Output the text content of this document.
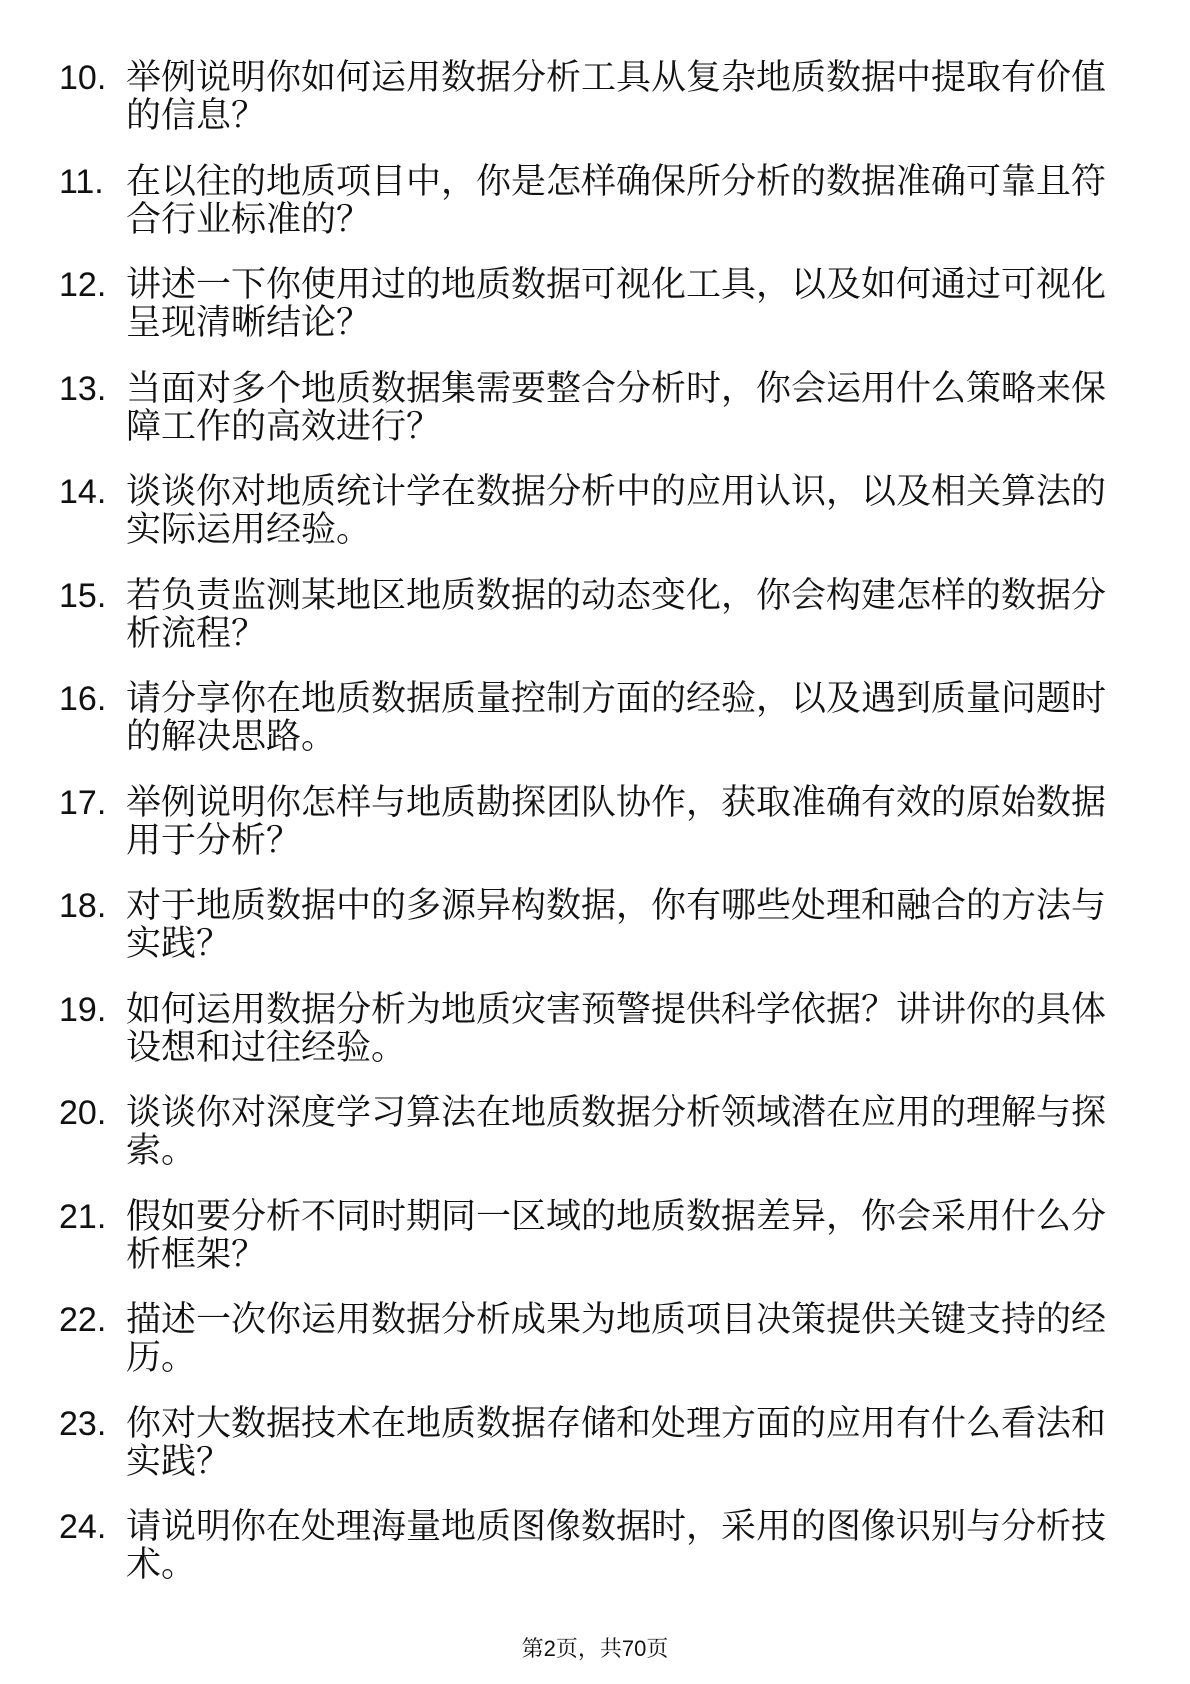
10. 举例说明你如何运用数据分析工具从复杂地质数据中提取有价值的信息？
11. 在以往的地质项目中，你是怎样确保所分析的数据准确可靠且符合行业标准的？
12. 讲述一下你使用过的地质数据可视化工具，以及如何通过可视化呈现清晰结论？
13. 当面对多个地质数据集需要整合分析时，你会运用什么策略来保障工作的高效进行？
14. 谈谈你对地质统计学在数据分析中的应用认识，以及相关算法的实际运用经验。
15. 若负责监测某地区地质数据的动态变化，你会构建怎样的数据分析流程？
16. 请分享你在地质数据质量控制方面的经验，以及遇到质量问题时的解决思路。
17. 举例说明你怎样与地质勘探团队协作，获取准确有效的原始数据用于分析？
18. 对于地质数据中的多源异构数据，你有哪些处理和融合的方法与实践？
19. 如何运用数据分析为地质灾害预警提供科学依据？讲讲你的具体设想和过往经验。
20. 谈谈你对深度学习算法在地质数据分析领域潜在应用的理解与探索。
21. 假如要分析不同时期同一区域的地质数据差异，你会采用什么分析框架？
22. 描述一次你运用数据分析成果为地质项目决策提供关键支持的经历。
23. 你对大数据技术在地质数据存储和处理方面的应用有什么看法和实践？
24. 请说明你在处理海量地质图像数据时，采用的图像识别与分析技术。
第2页，共70页
